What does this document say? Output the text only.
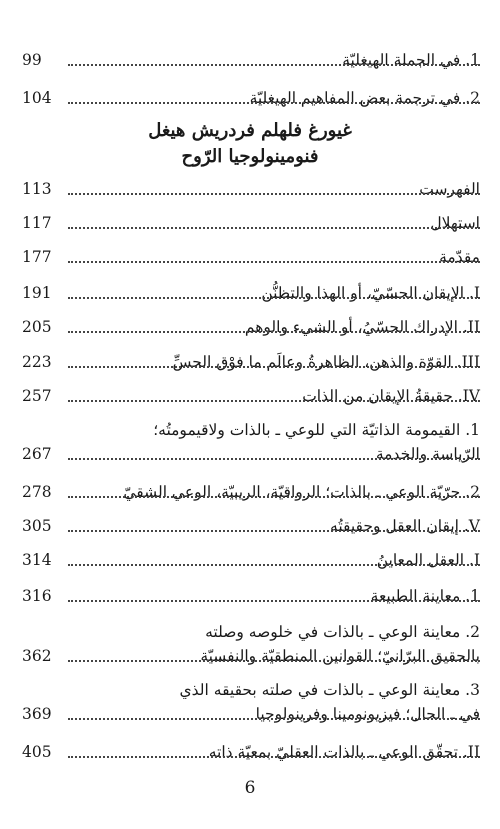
1. في الجملة الهيغليّة
99
2. في ترجمة بعض المفاهيم الهيغليّة
104
غيورغ فلهلم فردريش هيغل
فنومينولوجيا الرّوح
الفهرست
113
استهلال
117
مقدّمة
177
I. الإيقان الحسّيّ، أو الهذا والتظنُّن
191
II. الإدراك الحسّيُ، أو الشيء والوهم
205
III. القوّة والذهن، الظاهرةُ وعالَم ما فوْق الحسِّ
223
IV. حقيقةُ الإيقان من الذات
257
1. القيمومة الذاتيّة التي للوعي ـ بالذات ولاقيمومتُه؛
الرّياسة والخدمة
267
2. حرّيّة الوعي ـ بالذات؛ الرواقيّة، الريبيّة، الوعي الشقيّ
278
V. إيقان العقل وحقيقتُه
305
I. العقل المعاينُ
314
1. معاينة الطبيعة
316
2. معاينة الوعي ـ بالذات في خلوصه وصلته
بالحقيق البرّانيّ؛ القوانين المنطقيّة والنفسيّة
362
3. معاينة الوعي ـ بالذات في صلته بحقيقه الذي
في ـ الحال؛ فيزيونومينا وفرينولوجيا
369
II. تحقّق الوعي ـ بالذات العقليّ بمعيّة ذاته
405
6
